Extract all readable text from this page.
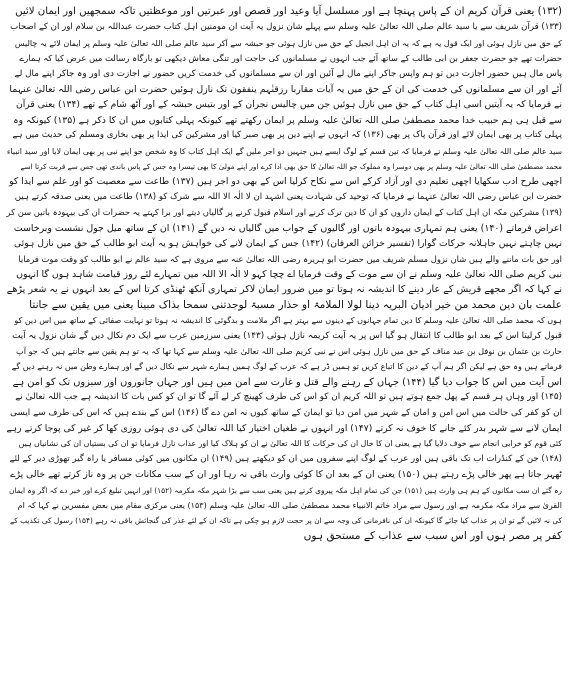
(۱۳۲) یعنی قرآن کریم ان کے پاس پہنچا ہے اور مسلسل آیا وعید اور قصص اور عبرتیں اور موعظتیں تاکہ سمجھیں اور ایمان لائیں
(۱۳۳) قرآن شریف سے یا سید عالم صلی اللہ تعالیٰ علیہ وسلم سے پہلے شان نزول یہ آیت ان مومنین اہل کتاب حضرت عبداللہ بن سلام اور ان کے اصحاب
کے حق میں نازل ہوئی اور ایک قول یہ ہے کہ یہ ان اہل انجیل کے حق میں نازل ہوئی جو حبشہ سے آکر سید عالم صلی اللہ تعالیٰ علیہ وسلم پر ایمان لائے یہ چالیس
حضرات تھے جو حضرت جعفر بن ابی طالب کے ساتھ آئے جب انہوں نے مسلمانوں کی حاجت اور تنگی معاش دیکھی تو بارگاہ رسالت میں عرض کیا کہ ہمارے
پاس مال ہیں حضور اجازت دیں تو ہم واپس جاکر اپنے مال لے آئیں اور ان سے مسلمانوں کی خدمت کریں حضور نے اجازت دی اور وہ جاکر اپنے مال لے
آئے اور ان سے مسلمانوں کی خدمت کی ان کے حق میں یہ آیات مقاربا رزقنٰہم ینفقون تک نازل ہوئیں حضرت ابن عباس رضی اللہ تعالیٰ عنہما
نے فرمایا کہ یہ آیتیں اسی اہل کتاب کے حق میں نازل ہوئیں جن میں چالیس نجران کے اور بتیس حبشہ کے اور آٹھ شام کے تھے (۱۳۴) یعنی قرآن
سے قبل ہی ہم حبیب خدا محمد مصطفیٰ صلی اللہ تعالیٰ علیہ وسلم پر ایمان رکھتے تھے کیونکہ پہلی کتابوں میں ان کا ذکر ہے (۱۳۵) کیونکہ وہ
پہلی کتاب پر بھی ایمان لائے اور قرآن پاک پر بھی (۱۳۶) کہ انہوں نے اپنے دین پر بھی صبر کیا اور مشرکین کی ایذا پر بھی بخاری ومسلم کی حدیث میں ہے
سید عالم صلی اللہ تعالیٰ علیہ وسلم نے فرمایا کہ تین قسم کے لوگ ایسے ہیں جنہیں دو اجر ملیں گے ایک اہل کتاب کا وہ شخص جو اپنے نبی پر بھی ایمان لایا اور سید انبیاء
محمد مصطفیٰ صلی اللہ تعالیٰ علیہ وسلم پر بھی دوسرا وہ مملوک جو اللہ تعالیٰ کا حق بھی ادا کرے اور اپنے مولیٰ کا بھی تیسرا وہ جس کے پاس باندی تھی جس سے قربت کرتا اسے
اچھی طرح ادب سکھایا اچھی تعلیم دی اور آزاد کرکے اس سے نکاح کرلیا اس کے بھی دو اجر ہیں (۱۳۷) طاعت سے معصیت کو اور علم سے ایذا کو
حضرت ابن عباس رضی اللہ تعالیٰ عنہما نے فرمایا کہ توحید کی شہادت یعنی اشہد ان لا الٰہ الا اللہ سے شرک کو (۱۳۸) طاعت میں یعنی صدقہ کرتے ہیں
(۱۳۹) مشرکین مکہ ان اہل کتاب کے ایمان داروں کو ان کا دین ترک کرنے اور اسلام قبول کرنے پر گالیاں دیتے اور برا کہتے یہ حضرات ان کی بیہودہ باتیں سن کر
اعراض فرماتے (۱۴۰) یعنی ہم تمہاری بیہودہ باتوں اور گالیوں کے جواب میں گالیاں نہ دیں گے (۱۴۱) ان کے ساتھ میل جول نشست وبرخاست
نہیں چاہتے نہیں جاہلانہ حرکات گوارا (تفسیر خزائن العرفان) (۱۴۲) جس کے ایمان لانے کی خواہش ہو یہ آیت ابو طالب کے حق میں نازل ہوئی
اور حق بات ماننے والے ہیں شان نزول مسلم شریف میں حضرت ابو ہریرہ رضی اللہ تعالیٰ عنہ سے مروی ہے کہ سید عالم نے ابو طالب کو وقت موت فرمایا
نبی کریم صلی اللہ تعالیٰ علیہ وسلم نے ان سے موت کے وقت فرمایا اے چچا کہو لا الٰہ الا اللہ میں تمہارے لئے روز قیامت شاہد ہوں گا انہوں
نے کہا کہ اگر مجھے قریش کے عار دینے کا اندیشہ نہ ہوتا تو میں ضرور ایمان لاکر تمہاری آنکھ ٹھنڈی کرتا اس کے بعد انہوں نے یہ شعر پڑھے
علمت بان دین محمد من خیر ادیان البریہ دینا لولا الملامۃ او حذار مسبۃ لوجدتنی سمحا بذاک مبینا یعنی میں یقین سے جانتا
ہوں کہ محمد صلی اللہ تعالیٰ علیہ وسلم کا دین تمام جہانوں کے دینوں سے بہتر ہے اگر ملامت و بدگوئی کا اندیشہ نہ ہوتا تو نہایت صفائی کے ساتھ میں اس دین کو
قبول کرلیتا اس کے بعد ابو طالب کا انتقال ہو گیا اس پر یہ آیت کریمہ نازل ہوئی (۱۴۳) یعنی سرزمین عرب سے ایک دم نکال دیں گے شان نزول یہ آیت
حارث بن عثمان بن نوفل بن عبد مناف کے حق میں نازل ہوئی اس نے نبی کریم صلی اللہ تعالیٰ علیہ وسلم سے کہا تھا کہ یہ تو ہم یقین سے جانتے ہیں کہ جو آپ
فرماتے ہیں وہ حق ہے لیکن اگر ہم آپ کے دین کا اتباع کریں تو ہمیں ڈر ہے کہ عرب کے لوگ ہمیں ہمارے شہر سے نکال دیں گے اور ہمارے وطن میں نہ رہنے دیں گے
اس آیت میں اس کا جواب دیا گیا (۱۴۴) جہاں کے رہنے والے قتل و غارت سے امن میں ہیں اور جہاں جانوروں اور سبزوں تک کو امن ہے
(۱۴۵) اور وہاں ہر قسم کے پھل جمع ہوتے ہیں تو اللہ کریم ان کو اس کی طرف کھینچ کر لے آئے گا تو ان کو کس بات کا اندیشہ ہے جب اللہ تعالیٰ نے
ان کو کفر کی حالت میں اس امن و امان کے شہر میں امن دیا تو ایمان کے ساتھ کیوں نہ امن دے گا (۱۴۶) اس کے بندے ہیں کہ اس کی طرف سے ایسی
ایمان لانے سے شہر بدر کئے جانے کا خوف نہ کرتے (۱۴۷) اور انہوں نے طغیان اختیار کیا اللہ تعالیٰ کی دی ہوئی روزی کھا کر غیر کی پوجا کرتے رہے
کئی قوم کو خرابی انجام سے خوف دلایا گیا ہے یعنی ان کا حال ان کی حرکات کا اللہ تعالیٰ نے ان کو ہلاک کیا اور عذاب نازل فرمایا تو ان کی بستیاں ان کی نشانیاں ہیں
(۱۴۸) جن کے کنڈرات اب تک باقی ہیں اور عرب کے لوگ اپنے سفروں میں ان کو دیکھتے ہیں (۱۴۹) ان مکانوں میں کوئی مسافر یا راہ گیر تھوڑی دیر کے لئے
ٹھہر جاتا ہے پھر خالی پڑے رہتے ہیں (۱۵۰) یعنی ان کے بعد ان کا کوئی وارث باقی نہ رہا اور ان کے سب مکانات جن پر وہ ناز کرتے تھے خالی پڑے
رہ گئے ان سب مکانوں کے ہم ہی وارث ہیں (۱۵۱) جن کی تمام اہل مکہ پیروی کرتے ہیں یعنی سب سے بڑا شہر مکہ مکرمہ (۱۵۲) اور انہیں تبلیغ کرے اور خبر دے کہ اگر وہ ایمان
القریٰ سے مراد مکہ مکرمہ ہے اور رسول سے مراد خاتم الانبیاء محمد مصطفیٰ صلی اللہ تعالیٰ علیہ وسلم (۱۵۳) یعنی مرکزی مقام میں بعض مفسرین نے کہا کہ ام
کی نہ لائیں گے تو ان پر عذاب کیا جائے گا کیونکہ ان کی نافرمانی کی وجہ سے ان پر حجت لازم ہو چکی ہے تاکہ ان کے لئے عذر کی گنجائش باقی نہ رہے (۱۵۴) رسول کی تکذیب کے
کفر پر مصر ہوں اور اس سبب سے عذاب کے مستحق ہوں
